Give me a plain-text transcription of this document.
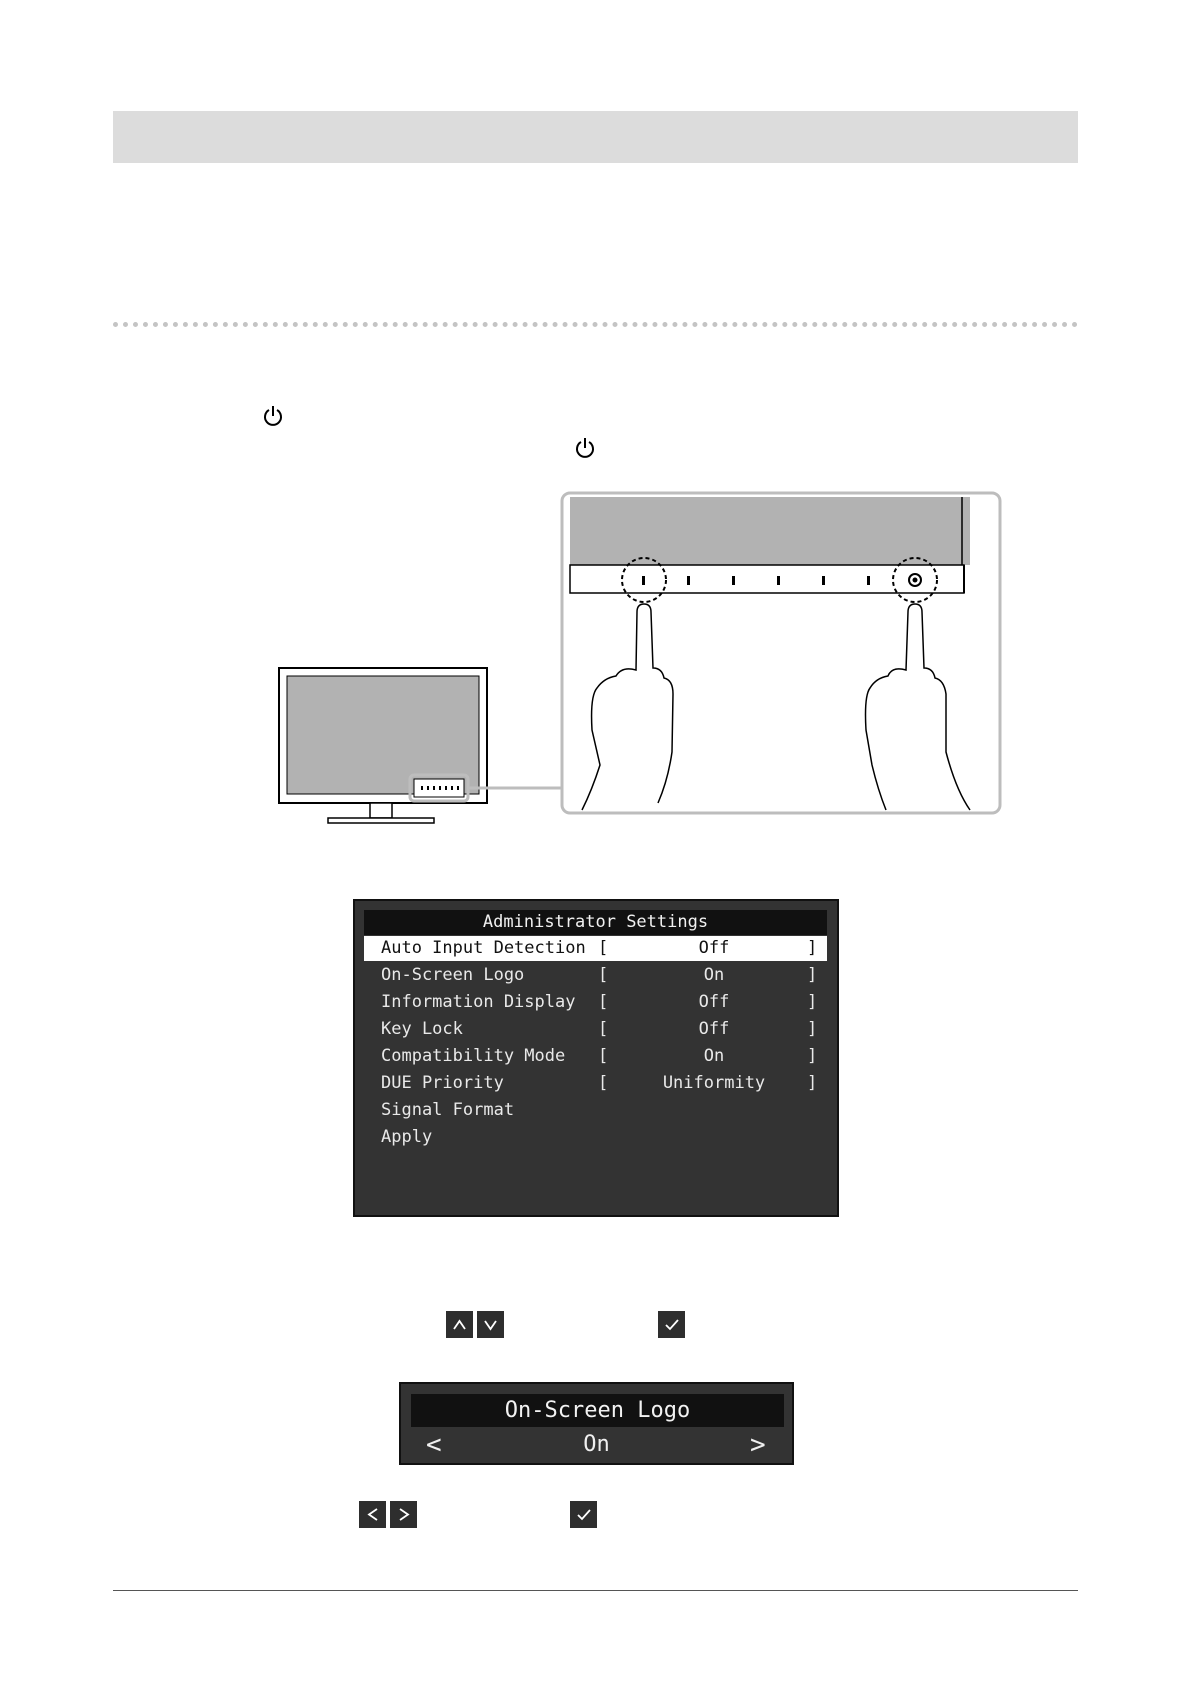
Administrator Settings
Auto Input Detection [	Off	]
On-Screen Logo	[	On	]
Information Display [	Off	]
Key Lock	[	Off	]
Compatibility Mode [	On	]
DUE Priority	[	Uniformity	]
Signal Format
Apply
On-Screen Logo
<	On	>
